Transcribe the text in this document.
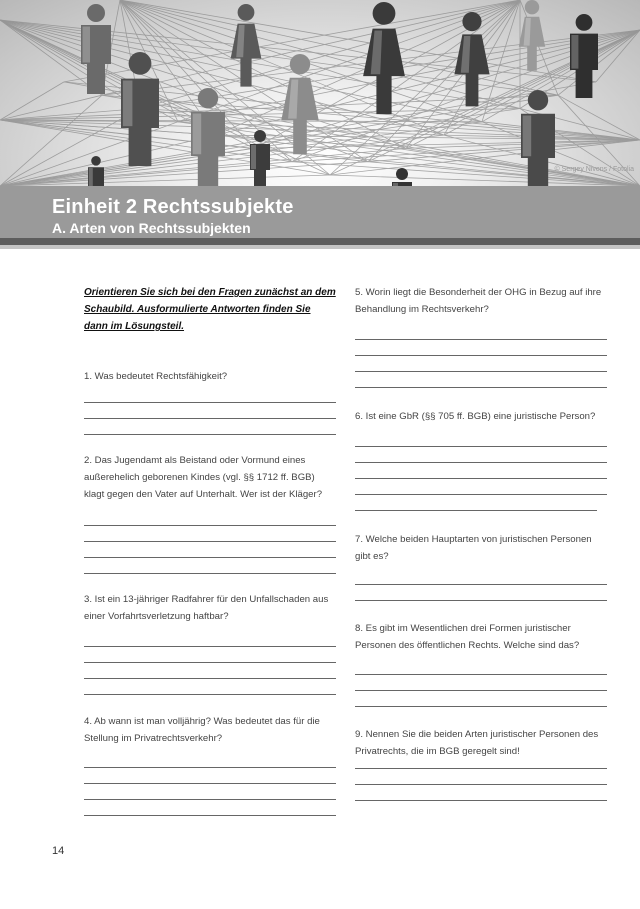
© Sergey Nivens / Fotolia
Einheit 2 Rechtssubjekte
A. Arten von Rechtssubjekten

Orientieren Sie sich bei den Fragen zunächst an dem Schaubild. Ausformulierte Antworten finden Sie dann im Lösungsteil.

1. Was bedeutet Rechtsfähigkeit?

2. Das Jugendamt als Beistand oder Vormund eines außerehelich geborenen Kindes (vgl. §§ 1712 ff. BGB) klagt gegen den Vater auf Unterhalt. Wer ist der Kläger?

3. Ist ein 13-jähriger Radfahrer für den Unfallschaden aus einer Vorfahrtsverletzung haftbar?

4. Ab wann ist man volljährig? Was bedeutet das für die Stellung im Privatrechtsverkehr?

5. Worin liegt die Besonderheit der OHG in Bezug auf ihre Behandlung im Rechtsverkehr?

6. Ist eine GbR (§§ 705 ff. BGB) eine juristische Person?

7. Welche beiden Hauptarten von juristischen Personen gibt es?

8. Es gibt im Wesentlichen drei Formen juristischer Personen des öffentlichen Rechts. Welche sind das?

9. Nennen Sie die beiden Arten juristischer Personen des Privatrechts, die im BGB geregelt sind!

14
